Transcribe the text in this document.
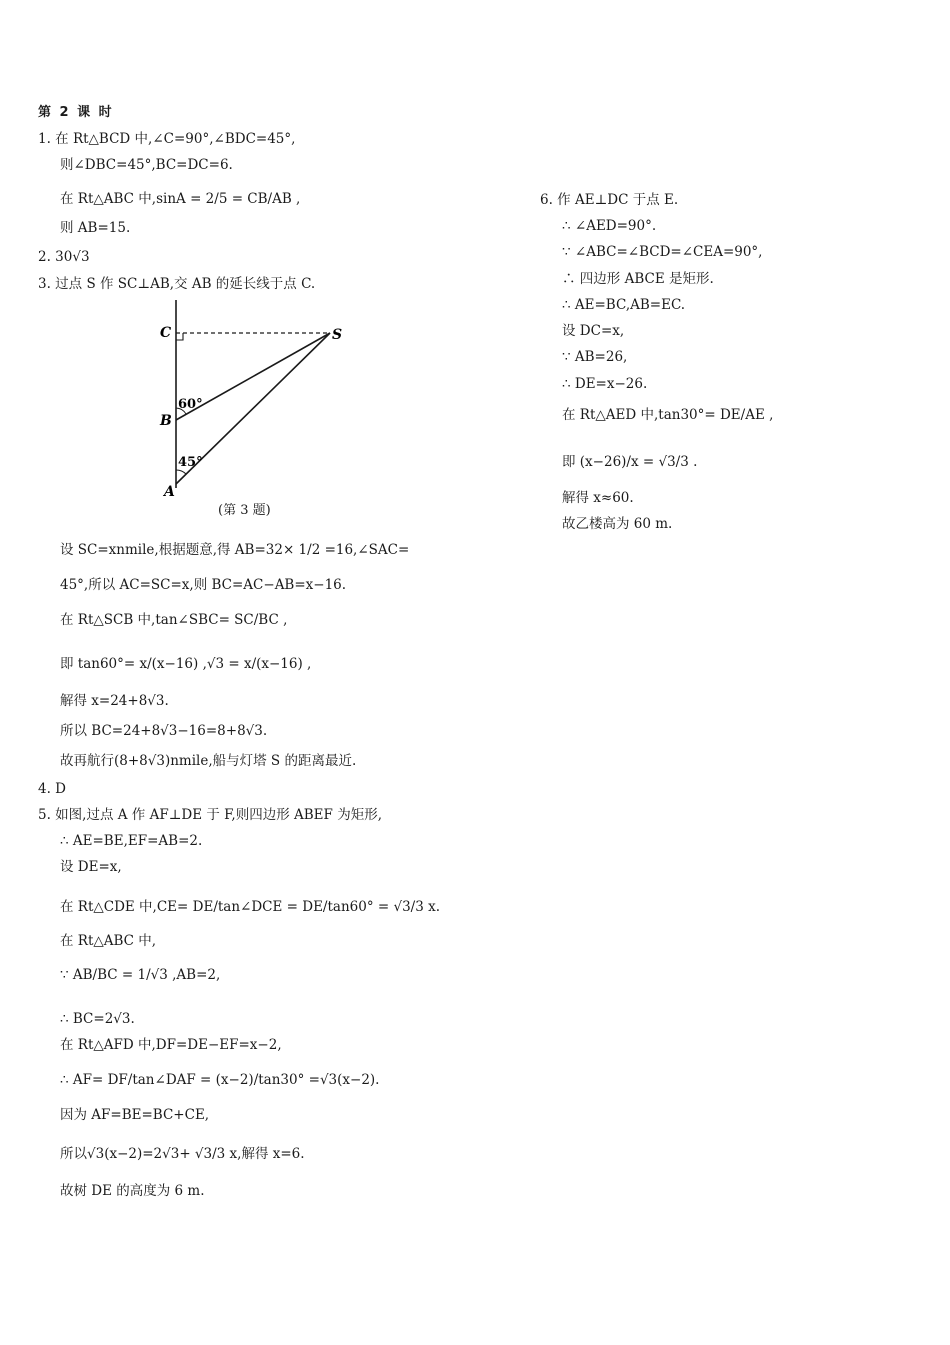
第 2 课 时
1. 在 Rt△BCD 中,∠C=90°,∠BDC=45°,
则∠DBC=45°,BC=DC=6.
在 Rt△ABC 中,sinA = 2/5 = CB/AB ,
则 AB=15.
2. 30√3
3. 过点 S 作 SC⊥AB,交 AB 的延长线于点 C.
C	S
B
A
60°
45°
(第 3 题)
设 SC=xnmile,根据题意,得 AB=32× 1/2 =16,∠SAC=
45°,所以 AC=SC=x,则 BC=AC−AB=x−16.
在 Rt△SCB 中,tan∠SBC= SC/BC ,
即 tan60°= x/(x−16) ,√3 = x/(x−16) ,
解得 x=24+8√3.
所以 BC=24+8√3−16=8+8√3.
故再航行(8+8√3)nmile,船与灯塔 S 的距离最近.
4. D
5. 如图,过点 A 作 AF⊥DE 于 F,则四边形 ABEF 为矩形,
∴ AE=BE,EF=AB=2.
设 DE=x,
在 Rt△CDE 中,CE= DE/tan∠DCE = DE/tan60° = √3/3 x.
在 Rt△ABC 中,
∵ AB/BC = 1/√3 ,AB=2,
∴ BC=2√3.
在 Rt△AFD 中,DF=DE−EF=x−2,
∴ AF= DF/tan∠DAF = (x−2)/tan30° =√3(x−2).
因为 AF=BE=BC+CE,
所以√3(x−2)=2√3+ √3/3 x,解得 x=6.
故树 DE 的高度为 6 m.
6. 作 AE⊥DC 于点 E.
∴ ∠AED=90°.
∵ ∠ABC=∠BCD=∠CEA=90°,
∴ 四边形 ABCE 是矩形.
∴ AE=BC,AB=EC.
设 DC=x,
∵ AB=26,
∴ DE=x−26.
在 Rt△AED 中,tan30°= DE/AE ,
即 (x−26)/x = √3/3 .
解得 x≈60.
故乙楼高为 60 m.
